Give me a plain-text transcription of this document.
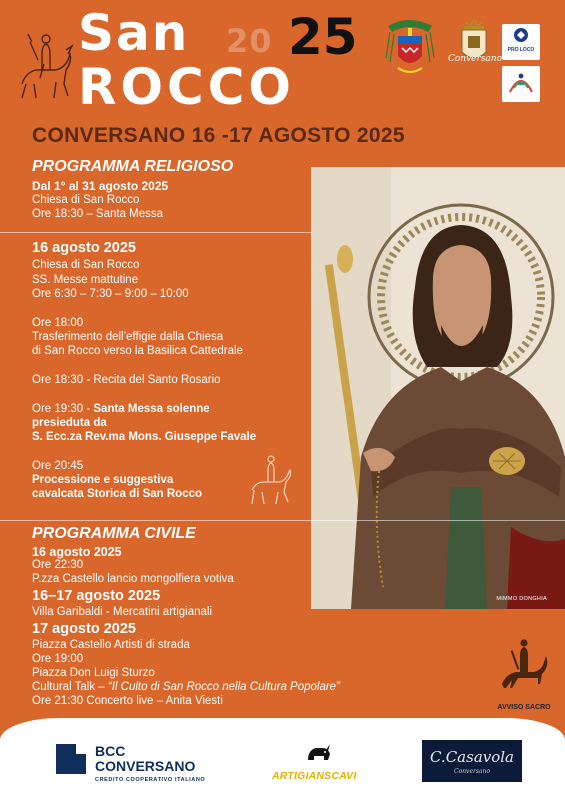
San
ROCCO
20 25	Conversano
PRO LOCO
CONVERSANO 16 -17 AGOSTO 2025
MIMMO DONGHIA
PROGRAMMA RELIGIOSO
Dal 1° al 31 agosto 2025
Chiesa di San Rocco
Ore 18:30 – Santa Messa
16 agosto 2025
Chiesa di San Rocco
SS. Messe mattutine
Ore 6:30 – 7:30 – 9:00 – 10:00
Ore 18:00
Trasferimento dell’effigie dalla Chiesa
di San Rocco verso la Basilica Cattedrale
Ore 18:30 - Recita del Santo Rosario
Ore 19:30 - Santa Messa solenne
presieduta da
S. Ecc.za Rev.ma Mons. Giuseppe Favale
Ore 20:45
Processione e suggestiva
cavalcata Storica di San Rocco
PROGRAMMA CIVILE
16 agosto 2025
Ore 22:30
P.zza Castello lancio mongolfiera votiva
16–17 agosto 2025
Villa Garibaldi - Mercatini artigianali
17 agosto 2025
Piazza Castello Artisti di strada
Ore 19:00
Piazza Don Luigi Sturzo
Cultural Talk – “Il Culto di San Rocco nella Cultura Popolare”
Ore 21:30 Concerto live – Anita Viesti
AVVISO SACRO
BCC
CONVERSANO
CREDITO COOPERATIVO ITALIANO	ARTIGIANSCAVI
C.Casavola
Conversano
